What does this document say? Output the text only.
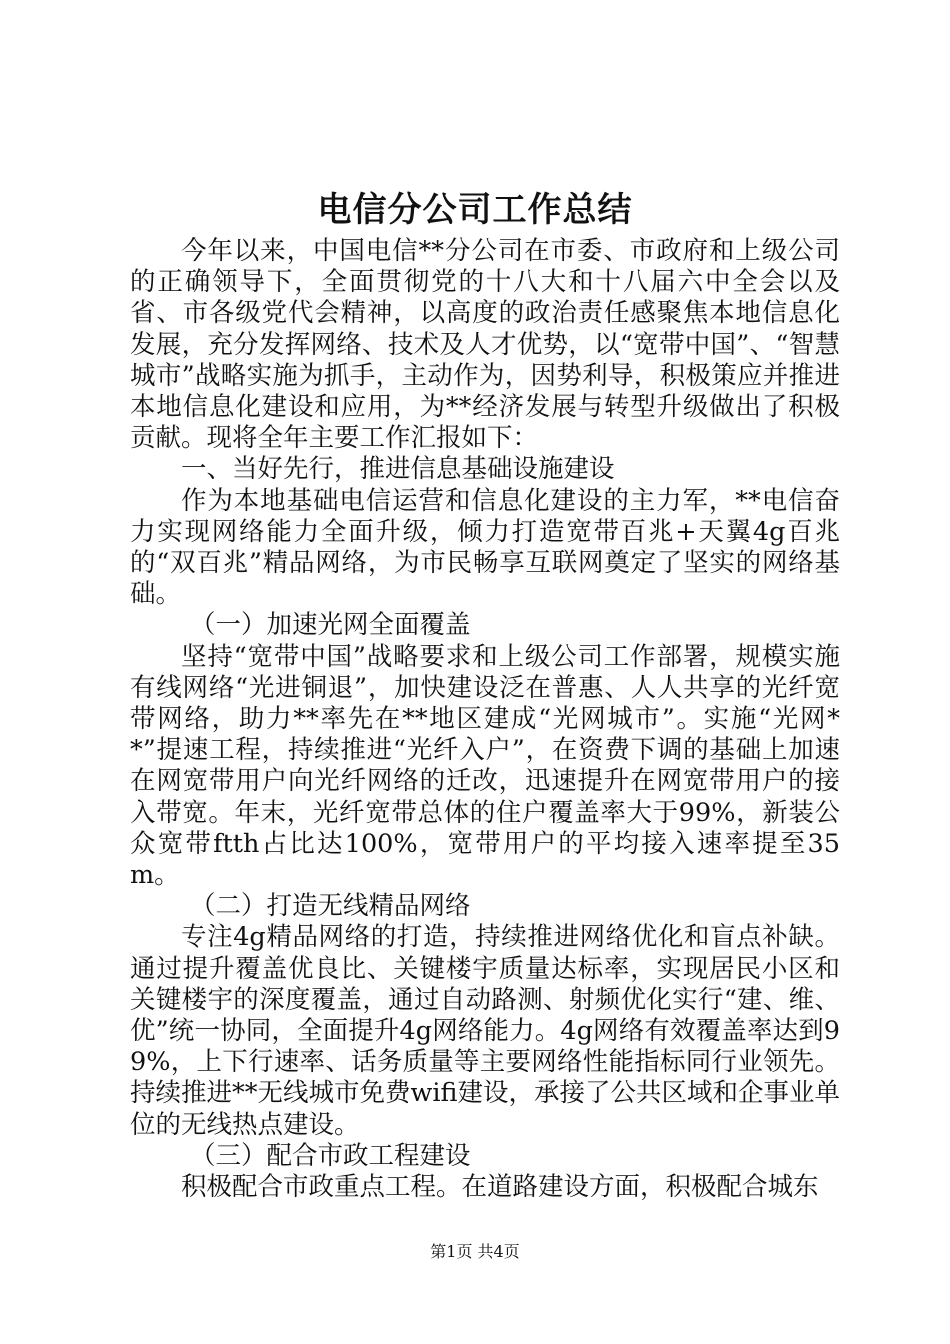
电信分公司工作总结

今年以来，中国电信**分公司在市委、市政府和上级公司的正确领导下，全面贯彻党的十八大和十八届六中全会以及省、市各级党代会精神，以高度的政治责任感聚焦本地信息化发展，充分发挥网络、技术及人才优势，以“宽带中国”、“智慧城市”战略实施为抓手，主动作为，因势利导，积极策应并推进本地信息化建设和应用，为**经济发展与转型升级做出了积极贡献。现将全年主要工作汇报如下：

一、当好先行，推进信息基础设施建设

作为本地基础电信运营和信息化建设的主力军，**电信奋力实现网络能力全面升级，倾力打造宽带百兆+天翼4g百兆的“双百兆”精品网络，为市民畅享互联网奠定了坚实的网络基础。

（一）加速光网全面覆盖

坚持“宽带中国”战略要求和上级公司工作部署，规模实施有线网络“光进铜退”，加快建设泛在普惠、人人共享的光纤宽带网络，助力**率先在**地区建成“光网城市”。实施“光网**”提速工程，持续推进“光纤入户”，在资费下调的基础上加速在网宽带用户向光纤网络的迁改，迅速提升在网宽带用户的接入带宽。年末，光纤宽带总体的住户覆盖率大于99%，新装公众宽带ftth占比达100%，宽带用户的平均接入速率提至35m。

（二）打造无线精品网络

专注4g精品网络的打造，持续推进网络优化和盲点补缺。通过提升覆盖优良比、关键楼宇质量达标率，实现居民小区和关键楼宇的深度覆盖，通过自动路测、射频优化实行“建、维、优”统一协同，全面提升4g网络能力。4g网络有效覆盖率达到99%，上下行速率、话务质量等主要网络性能指标同行业领先。持续推进**无线城市免费wifi建设，承接了公共区域和企事业单位的无线热点建设。

（三）配合市政工程建设

积极配合市政重点工程。在道路建设方面，积极配合城东

第1页 共4页
